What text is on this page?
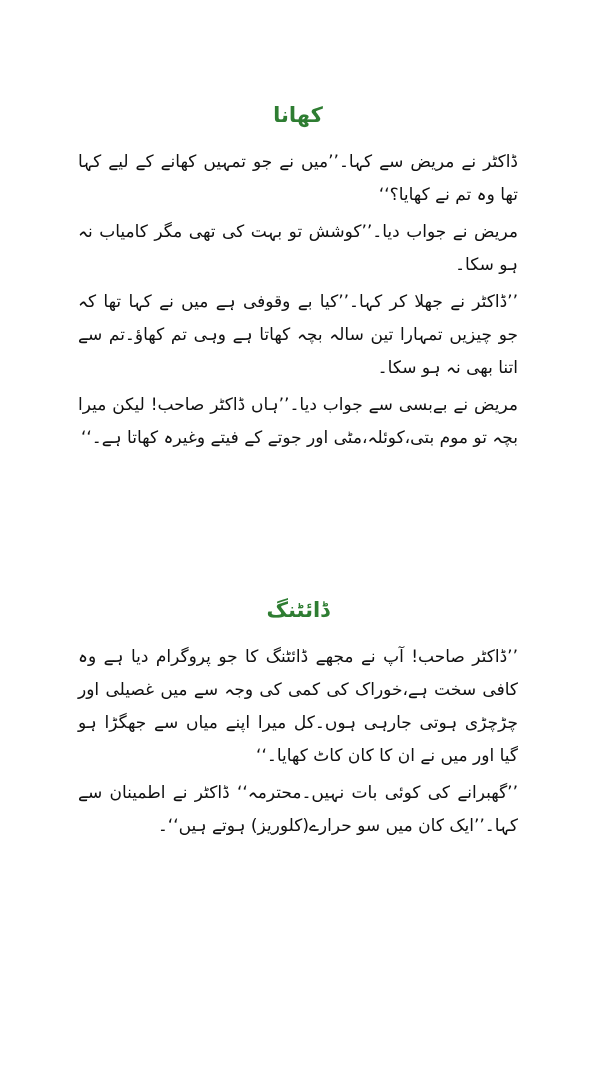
کھانا

ڈاکٹر نے مریض سے کہا۔’’میں نے جو تمہیں کھانے کے لیے کہا تھا وہ تم نے کھایا؟‘‘

مریض نے جواب دیا۔’’کوشش تو بہت کی تھی مگر کامیاب نہ ہو سکا۔

’’ڈاکٹر نے جھلا کر کہا۔’’کیا بے وقوفی ہے میں نے کہا تھا کہ جو چیزیں تمہارا تین سالہ بچہ کھاتا ہے وہی تم کھاؤ۔تم سے اتنا بھی نہ ہو سکا۔

مریض نے بےبسی سے جواب دیا۔’’ہاں ڈاکٹر صاحب! لیکن میرا بچہ تو موم بتی،کوئلہ،مٹی اور جوتے کے فیتے وغیرہ کھاتا ہے۔‘‘

ڈائٹنگ

’’ڈاکٹر صاحب! آپ نے مجھے ڈائٹنگ کا جو پروگرام دیا ہے وہ کافی سخت ہے،خوراک کی کمی کی وجہ سے میں غصیلی اور چڑچڑی ہوتی جارہی ہوں۔کل میرا اپنے میاں سے جھگڑا ہو گیا اور میں نے ان کا کان کاٹ کھایا۔‘‘

’’گھبرانے کی کوئی بات نہیں۔محترمہ‘‘ ڈاکٹر نے اطمینان سے کہا۔’’ایک کان میں سو حرارے(کلوریز) ہوتے ہیں‘‘۔
